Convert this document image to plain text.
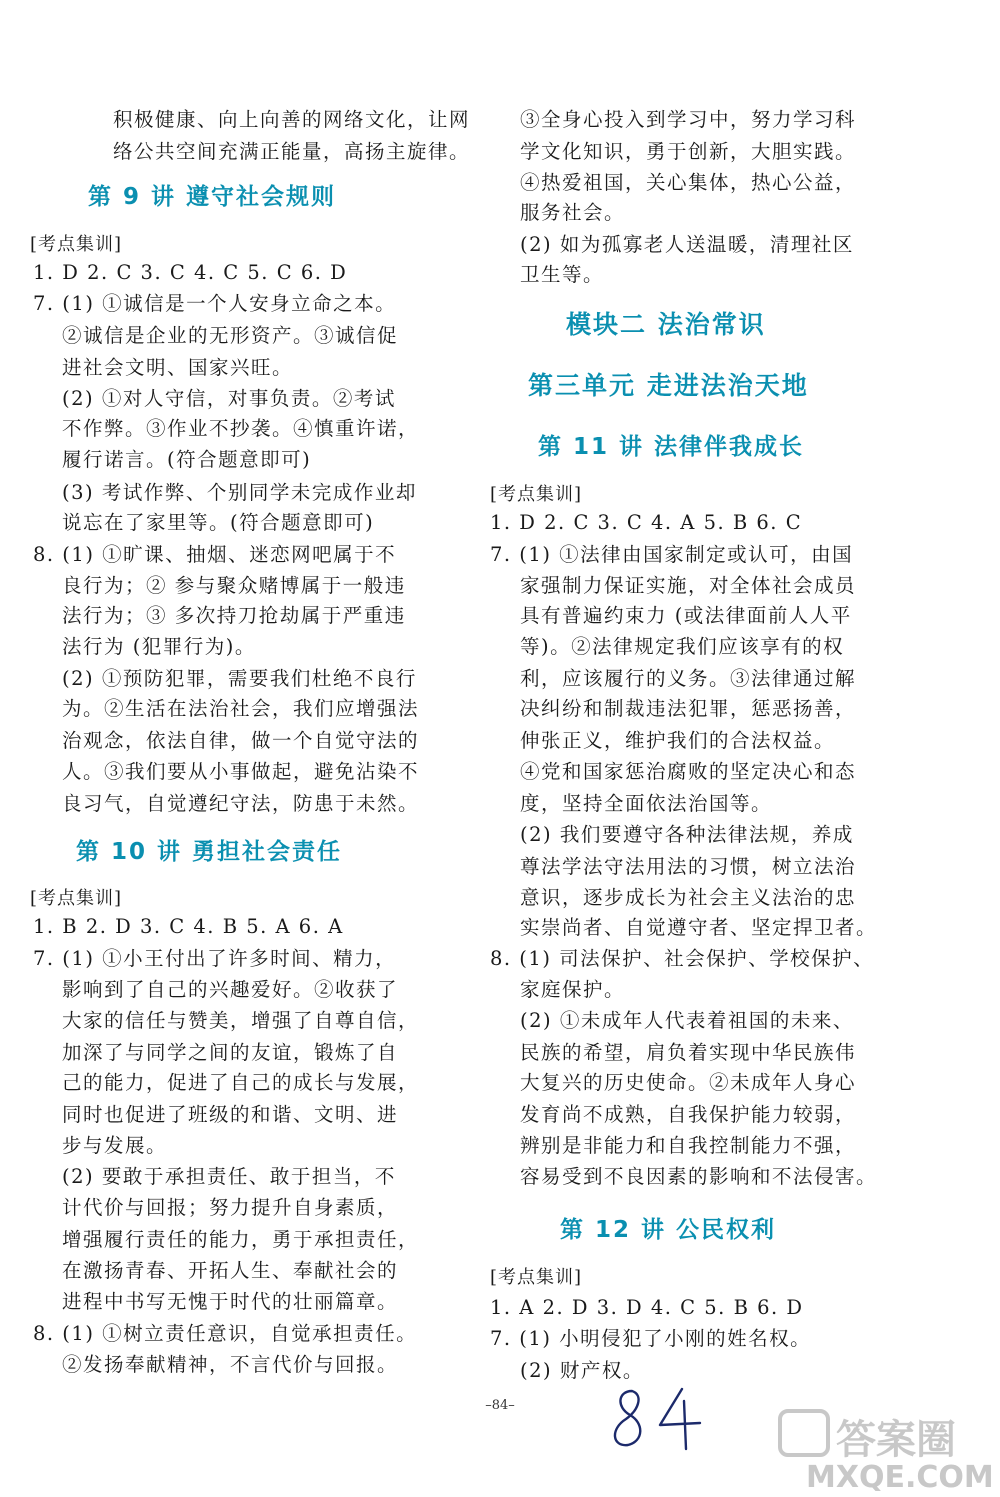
积极健康、向上向善的网络文化，让网
络公共空间充满正能量，高扬主旋律。
第 9 讲 遵守社会规则
[考点集训]
1. D 2. C 3. C 4. C 5. C 6. D
7. (1) ①诚信是一个人安身立命之本。
②诚信是企业的无形资产。③诚信促
进社会文明、国家兴旺。
(2) ①对人守信，对事负责。②考试
不作弊。③作业不抄袭。④慎重许诺，
履行诺言。(符合题意即可)
(3) 考试作弊、个别同学未完成作业却
说忘在了家里等。(符合题意即可)
8. (1) ①旷课、抽烟、迷恋网吧属于不
良行为；② 参与聚众赌博属于一般违
法行为；③ 多次持刀抢劫属于严重违
法行为 (犯罪行为)。
(2) ①预防犯罪，需要我们杜绝不良行
为。②生活在法治社会，我们应增强法
治观念，依法自律，做一个自觉守法的
人。③我们要从小事做起，避免沾染不
良习气，自觉遵纪守法，防患于未然。
第 10 讲 勇担社会责任
[考点集训]
1. B 2. D 3. C 4. B 5. A 6. A
7. (1) ①小王付出了许多时间、精力，
影响到了自己的兴趣爱好。②收获了
大家的信任与赞美，增强了自尊自信，
加深了与同学之间的友谊，锻炼了自
己的能力，促进了自己的成长与发展，
同时也促进了班级的和谐、文明、进
步与发展。
(2) 要敢于承担责任、敢于担当，不
计代价与回报；努力提升自身素质，
增强履行责任的能力，勇于承担责任，
在激扬青春、开拓人生、奉献社会的
进程中书写无愧于时代的壮丽篇章。
8. (1) ①树立责任意识，自觉承担责任。
②发扬奉献精神，不言代价与回报。
③全身心投入到学习中，努力学习科
学文化知识，勇于创新，大胆实践。
④热爱祖国，关心集体，热心公益，
服务社会。
(2) 如为孤寡老人送温暖，清理社区
卫生等。
模块二 法治常识
第三单元 走进法治天地
第 11 讲 法律伴我成长
[考点集训]
1. D 2. C 3. C 4. A 5. B 6. C
7. (1) ①法律由国家制定或认可，由国
家强制力保证实施，对全体社会成员
具有普遍约束力 (或法律面前人人平
等)。②法律规定我们应该享有的权
利，应该履行的义务。③法律通过解
决纠纷和制裁违法犯罪，惩恶扬善，
伸张正义，维护我们的合法权益。
④党和国家惩治腐败的坚定决心和态
度，坚持全面依法治国等。
(2) 我们要遵守各种法律法规，养成
尊法学法守法用法的习惯，树立法治
意识，逐步成长为社会主义法治的忠
实崇尚者、自觉遵守者、坚定捍卫者。
8. (1) 司法保护、社会保护、学校保护、
家庭保护。
(2) ①未成年人代表着祖国的未来、
民族的希望，肩负着实现中华民族伟
大复兴的历史使命。②未成年人身心
发育尚不成熟，自我保护能力较弱，
辨别是非能力和自我控制能力不强，
容易受到不良因素的影响和不法侵害。
第 12 讲 公民权利
[考点集训]
1. A 2. D 3. D 4. C 5. B 6. D
7. (1) 小明侵犯了小刚的姓名权。
(2) 财产权。
–84–
答案圈
MXQE.COM
